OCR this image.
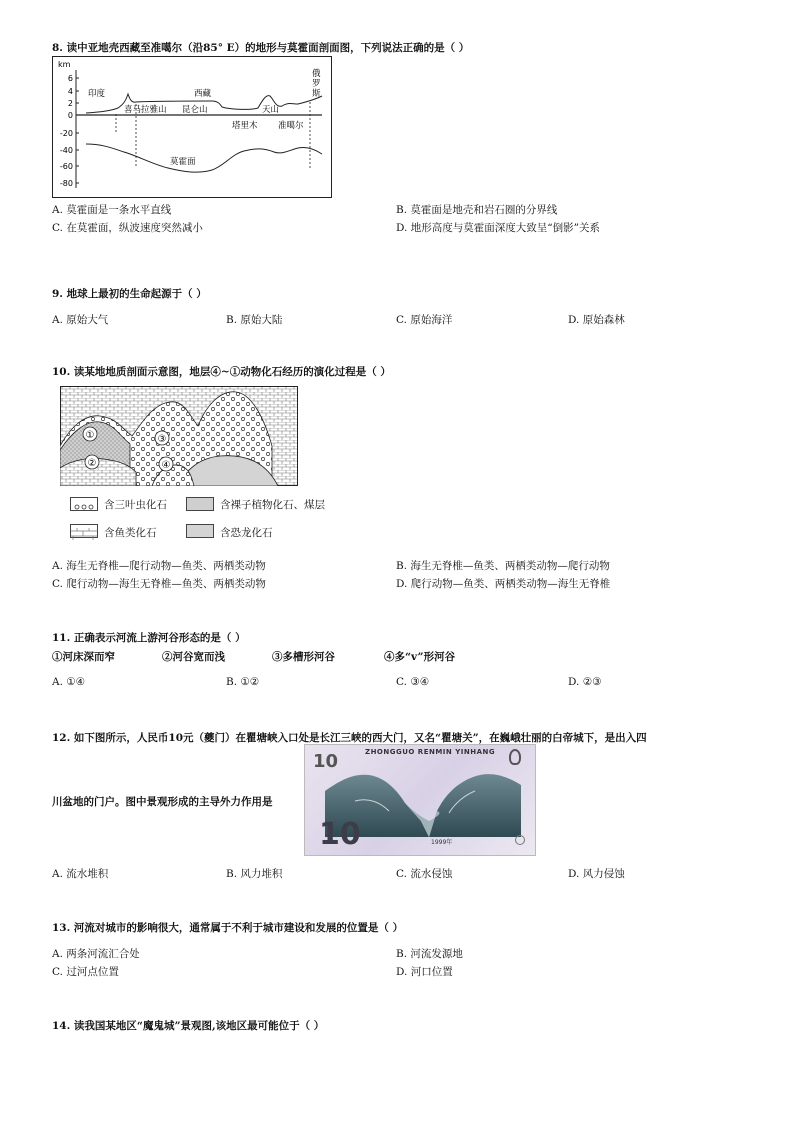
8. 读中亚地壳西藏至准噶尔（沿85° E）的地形与莫霍面剖面图，下列说法正确的是（ ）
km
6
4
2
0
-20
-40
-60
-80
印度	西藏
俄
罗
斯
喜马拉雅山 昆仑山	天山
塔里木 准噶尔
莫霍面
A. 莫霍面是一条水平直线	B. 莫霍面是地壳和岩石圈的分界线
C. 在莫霍面，纵波速度突然减小	D. 地形高度与莫霍面深度大致呈“倒影”关系
9. 地球上最初的生命起源于（ ）
A. 原始大气	B. 原始大陆	C. 原始海洋	D. 原始森林
10. 读某地地质剖面示意图，地层④~①动物化石经历的演化过程是（ ）
①
②
③
④
含三叶虫化石	含裸子植物化石、煤层
含鱼类化石	含恐龙化石
A. 海生无脊椎—爬行动物—鱼类、两栖类动物	B. 海生无脊椎—鱼类、两栖类动物—爬行动物
C. 爬行动物—海生无脊椎—鱼类、两栖类动物	D. 爬行动物—鱼类、两栖类动物—海生无脊椎
11. 正确表示河流上游河谷形态的是（ ）
①河床深而窄	②河谷宽而浅	③多槽形河谷	④多“v”形河谷
A. ①④	B. ①②	C. ③④	D. ②③
12. 如下图所示，人民币10元（夔门）在瞿塘峡入口处是长江三峡的西大门，又名“瞿塘关”，在巍峨壮丽的白帝城下，是出入四
川盆地的门户。图中景观形成的主导外力作用是
ZHONGGUO RENMIN YINHANG
10
10	1999年
A. 流水堆积	B. 风力堆积	C. 流水侵蚀	D. 风力侵蚀
13. 河流对城市的影响很大，通常属于不利于城市建设和发展的位置是（ ）
A. 两条河流汇合处	B. 河流发源地
C. 过河点位置	D. 河口位置
14. 读我国某地区“魔鬼城”景观图,该地区最可能位于（ ）
